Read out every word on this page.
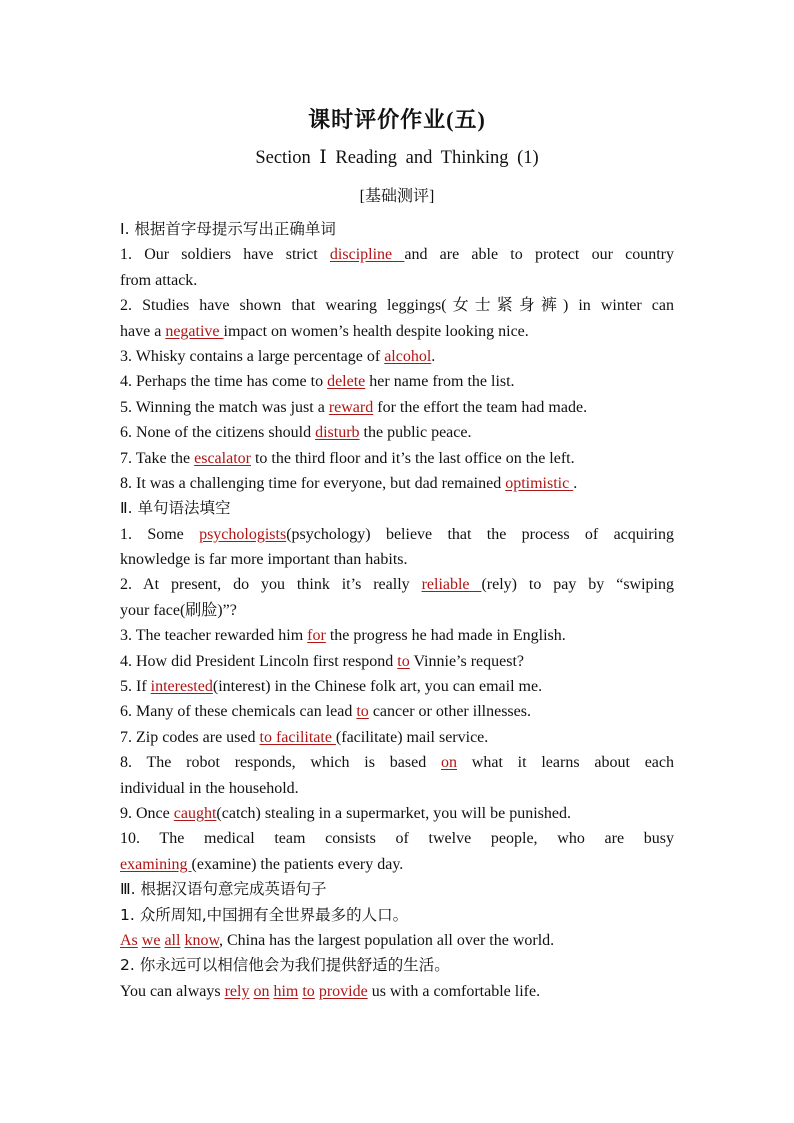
课时评价作业(五)
Section Ⅰ Reading and Thinking (1)
[基础测评]
Ⅰ. 根据首字母提示写出正确单词
1. Our soldiers have strict discipline and are able to protect our country
from attack.
2. Studies have shown that wearing leggings(女士紧身裤) in winter can
have a negative impact on women’s health despite looking nice.
3. Whisky contains a large percentage of alcohol.
4. Perhaps the time has come to delete her name from the list.
5. Winning the match was just a reward for the effort the team had made.
6. None of the citizens should disturb the public peace.
7. Take the escalator to the third floor and it’s the last office on the left.
8. It was a challenging time for everyone, but dad remained optimistic .
Ⅱ. 单句语法填空
1. Some psychologists(psychology) believe that the process of acquiring
knowledge is far more important than habits.
2. At present, do you think it’s really reliable (rely) to pay by “swiping
your face(刷脸)”?
3. The teacher rewarded him for the progress he had made in English.
4. How did President Lincoln first respond to Vinnie’s request?
5. If interested(interest) in the Chinese folk art, you can email me.
6. Many of these chemicals can lead to cancer or other illnesses.
7. Zip codes are used to facilitate (facilitate) mail service.
8. The robot responds, which is based on what it learns about each
individual in the household.
9. Once caught(catch) stealing in a supermarket, you will be punished.
10. The medical team consists of twelve people, who are busy
examining (examine) the patients every day.
Ⅲ. 根据汉语句意完成英语句子
1. 众所周知,中国拥有全世界最多的人口。
As we all know, China has the largest population all over the world.
2. 你永远可以相信他会为我们提供舒适的生活。
You can always rely on him to provide us with a comfortable life.
